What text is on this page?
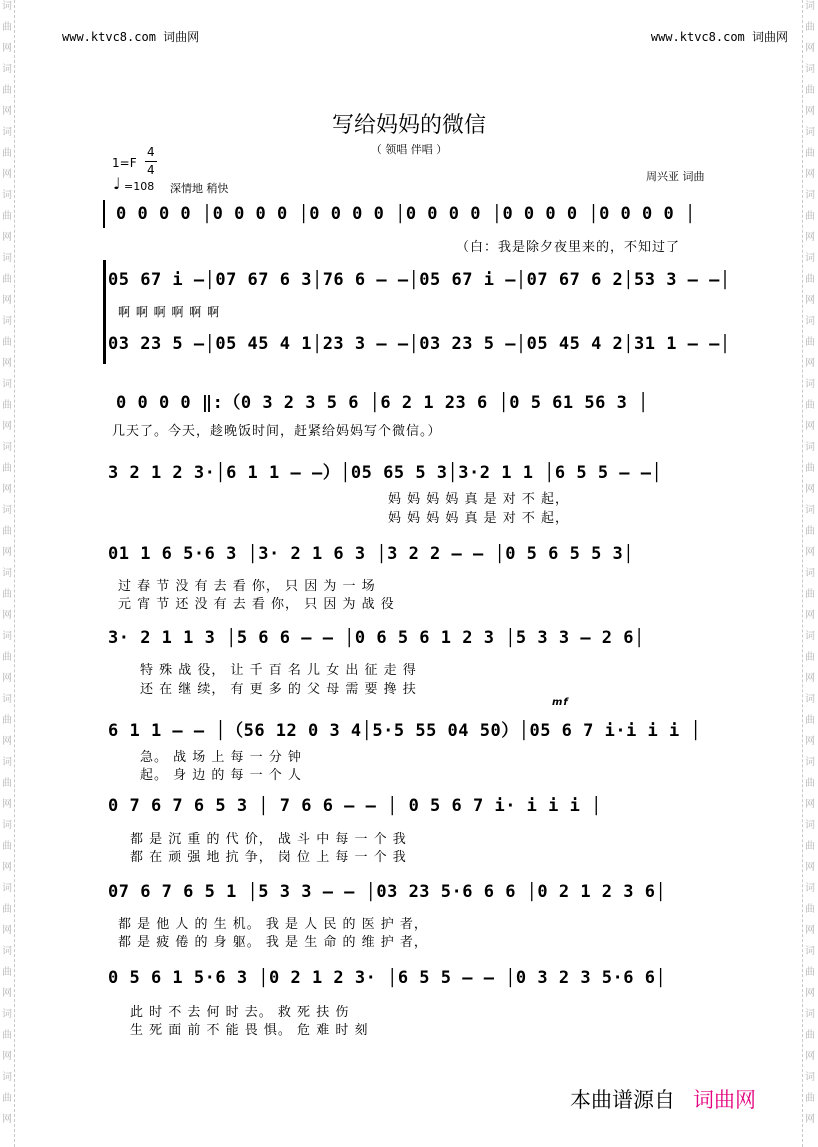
词
曲
网
词
曲
网
词
曲
网
词
曲
网
词
曲
网
词
曲
网
词
曲
网
词
曲
网
词
曲
网
词
曲
网
词
曲
网
词
曲
网
词
曲
网
词
曲
网
词
曲
网
词
曲
网
词
曲
网
词
曲
网
词
曲
网
词
曲
网
词
曲
网
词
曲
网
词
曲
网
词
曲
网
词
曲
网
词
曲
网
词
曲
网
词
曲
网
词
曲
网
词
曲
网
词
曲
网
词
曲
网
词
曲
网
词
曲
网
词
曲
网
词
曲
网
www.ktvc8.com 词曲网	www.ktvc8.com 词曲网
写给妈妈的微信
（ 领唱 伴唱 ）
1=F
4
4
♩ =108 深情地 稍快
周兴亚 词曲
0 0 0 0 │0 0 0 0 │0 0 0 0 │0 0 0 0 │0 0 0 0 │0 0 0 0 │
（白：我是除夕夜里来的，不知过了
05 67 i –│07 67 6 3│76 6 – –│05 67 i –│07 67 6 2│53 3 – –│
啊 啊 啊 啊 啊 啊
03 23 5 –│05 45 4 1│23 3 – –│03 23 5 –│05 45 4 2│31 1 – –│
0 0 0 0 ‖:（0 3 2 3 5 6 │6 2 1 23 6 │0 5 61 56 3 │
几天了。今天，趁晚饭时间，赶紧给妈妈写个微信。）
3 2 1 2 3·│6 1 1 – –）│05 65 5 3│3·2 1 1 │6 5 5 – –│
妈 妈 妈 妈 真 是 对 不 起，
妈 妈 妈 妈 真 是 对 不 起，
01 1 6 5·6 3 │3· 2 1 6 3 │3 2 2 – – │0 5 6 5 5 3│
过 春 节 没 有 去 看 你， 只 因 为 一 场
元 宵 节 还 没 有 去 看 你， 只 因 为 战 役
3· 2 1 1 3 │5 6 6 – – │0 6 5 6 1 2 3 │5 3 3 – 2 6│
特 殊 战 役， 让 千 百 名 儿 女 出 征 走 得
还 在 继 续， 有 更 多 的 父 母 需 要 搀 扶
6 1 1 – – │（56 12 0 3 4│5·5 55 04 50）│05 6 7 i·i i i │
mf
急。 战 场 上 每 一 分 钟
起。 身 边 的 每 一 个 人
0 7 6 7 6 5 3 │ 7 6 6 – – │ 0 5 6 7 i· i i i │
都 是 沉 重 的 代 价， 战 斗 中 每 一 个 我
都 在 顽 强 地 抗 争， 岗 位 上 每 一 个 我
07 6 7 6 5 1 │5 3 3 – – │03 23 5·6 6 6 │0 2 1 2 3 6│
都 是 他 人 的 生 机。 我 是 人 民 的 医 护 者，
都 是 疲 倦 的 身 躯。 我 是 生 命 的 维 护 者，
0 5 6 1 5·6 3 │0 2 1 2 3· │6 5 5 – – │0 3 2 3 5·6 6│
此 时 不 去 何 时 去。 救 死 扶 伤
生 死 面 前 不 能 畏 惧。 危 难 时 刻
本曲谱源自 词曲网
